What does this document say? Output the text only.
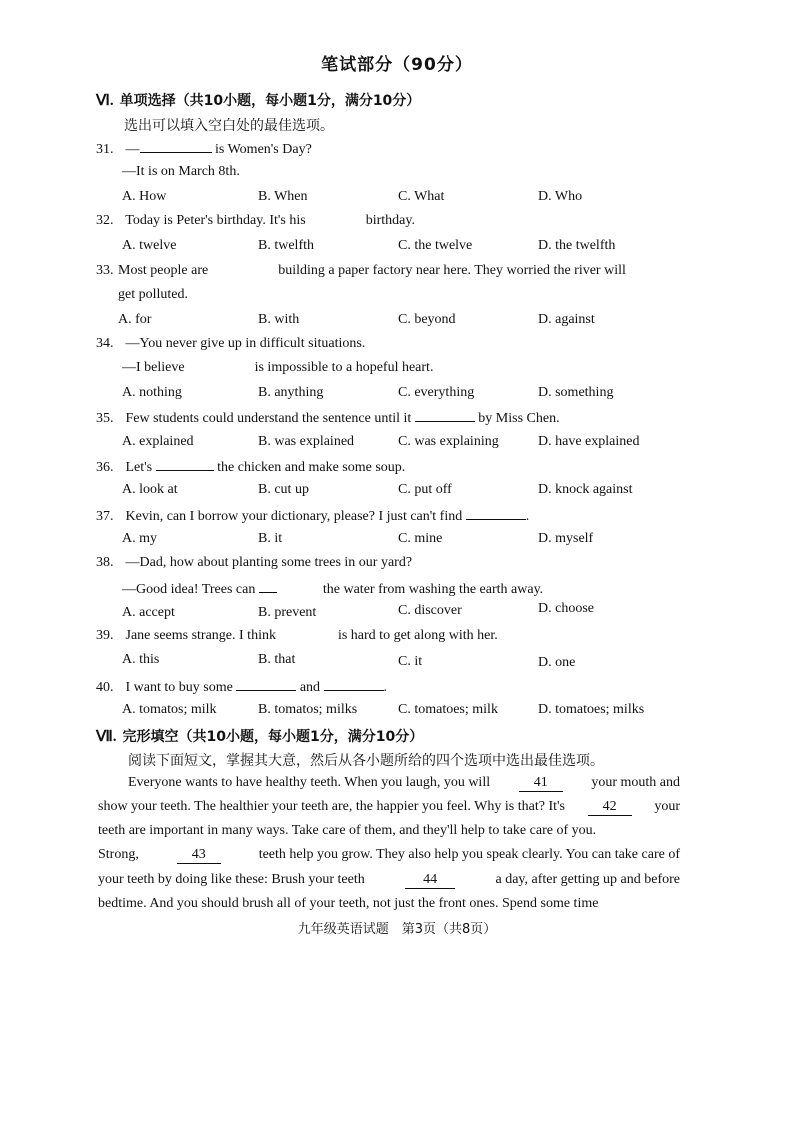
笔试部分（90分）
Ⅵ. 单项选择（共10小题，每小题1分，满分10分）
选出可以填入空白处的最佳选项。
31. —	is Women's Day?
—It is on March 8th.
A. How	B. When	C. What	D. Who
32. Today is Peter's birthday. It's his	birthday.
A. twelve	B. twelfth	C. the twelve	D. the twelfth
33. Most people are	building a paper factory near here. They worried the river will
get polluted.
A. for	B. with	C. beyond	D. against
34. —You never give up in difficult situations.
—I believe	is impossible to a hopeful heart.
A. nothing	B. anything	C. everything	D. something
35. Few students could understand the sentence until it	by Miss Chen.
A. explained	B. was explained	C. was explaining	D. have explained
36. Let's	the chicken and make some soup.
A. look at	B. cut up	C. put off	D. knock against
37. Kevin, can I borrow your dictionary, please? I just can't find	.
A. my	B. it	C. mine	D. myself
38. —Dad, how about planting some trees in our yard?
—Good idea! Trees can	the water from washing the earth away.
A. accept	B. prevent	C. discover	D. choose
39. Jane seems strange. I think	is hard to get along with her.
A. this	B. that	C. it	D. one
40. I want to buy some	and	.
A. tomatos; milk	B. tomatos; milks	C. tomatoes; milk	D. tomatoes; milks
Ⅶ. 完形填空（共10小题，每小题1分，满分10分）
阅读下面短文，掌握其大意，然后从各小题所给的四个选项中选出最佳选项。
Everyone wants to have healthy teeth. When you laugh, you will	41	your mouth and
show your teeth. The healthier your teeth are, the happier you feel. Why is that? It's	42	your
teeth are important in many ways. Take care of them, and they'll help to take care of you.
Strong,	43	teeth help you grow. They also help you speak clearly. You can take care of
your teeth by doing like these: Brush your teeth	44	a day, after getting up and before
bedtime. And you should brush all of your teeth, not just the front ones. Spend some time
九年级英语试题　第3页（共8页）
